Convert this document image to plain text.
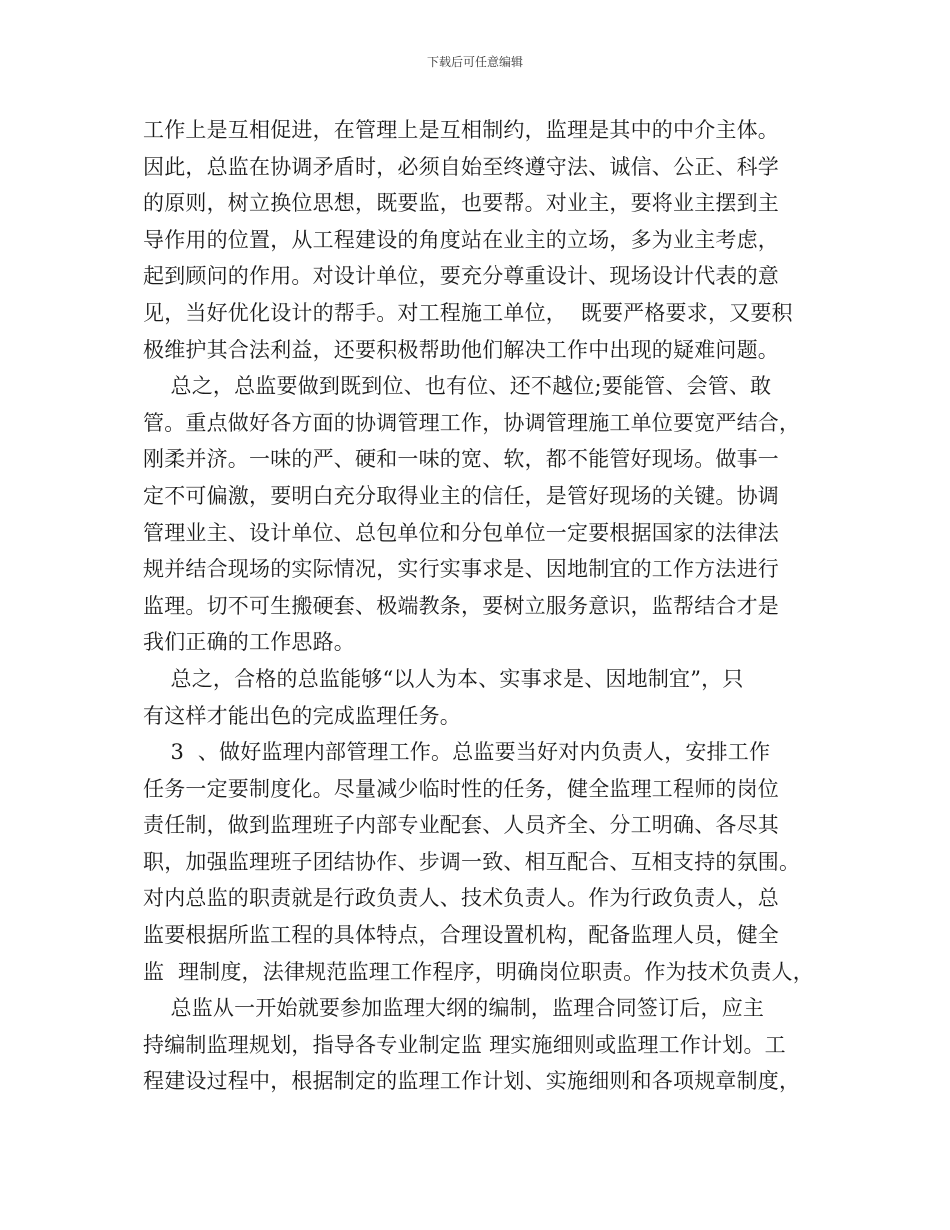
下载后可任意编辑
工作上是互相促进，在管理上是互相制约，监理是其中的中介主体。
因此，总监在协调矛盾时，必须自始至终遵守法、诚信、公正、科学
的原则，树立换位思想，既要监，也要帮。对业主，要将业主摆到主
导作用的位置，从工程建设的角度站在业主的立场，多为业主考虑，
起到顾问的作用。对设计单位，要充分尊重设计、现场设计代表的意
见，当好优化设计的帮手。对工程施工单位，  既要严格要求，又要积
极维护其合法利益，还要积极帮助他们解决工作中出现的疑难问题。
总之，总监要做到既到位、也有位、还不越位;要能管、会管、敢
管。重点做好各方面的协调管理工作，协调管理施工单位要宽严结合，
刚柔并济。一味的严、硬和一味的宽、软，都不能管好现场。做事一
定不可偏激，要明白充分取得业主的信任，是管好现场的关键。协调
管理业主、设计单位、总包单位和分包单位一定要根据国家的法律法
规并结合现场的实际情况，实行实事求是、因地制宜的工作方法进行
监理。切不可生搬硬套、极端教条，要树立服务意识，监帮结合才是
我们正确的工作思路。
总之，合格的总监能够“以人为本、实事求是、因地制宜”，只
有这样才能出色的完成监理任务。
3  、做好监理内部管理工作。总监要当好对内负责人，安排工作
任务一定要制度化。尽量减少临时性的任务，健全监理工程师的岗位
责任制，做到监理班子内部专业配套、人员齐全、分工明确、各尽其
职，加强监理班子团结协作、步调一致、相互配合、互相支持的氛围。
对内总监的职责就是行政负责人、技术负责人。作为行政负责人，总
监要根据所监工程的具体特点，合理设置机构，配备监理人员，健全
监  理制度，法律规范监理工作程序，明确岗位职责。作为技术负责人，
总监从一开始就要参加监理大纲的编制，监理合同签订后，应主
持编制监理规划，指导各专业制定监 理实施细则或监理工作计划。工
程建设过程中，根据制定的监理工作计划、实施细则和各项规章制度，
